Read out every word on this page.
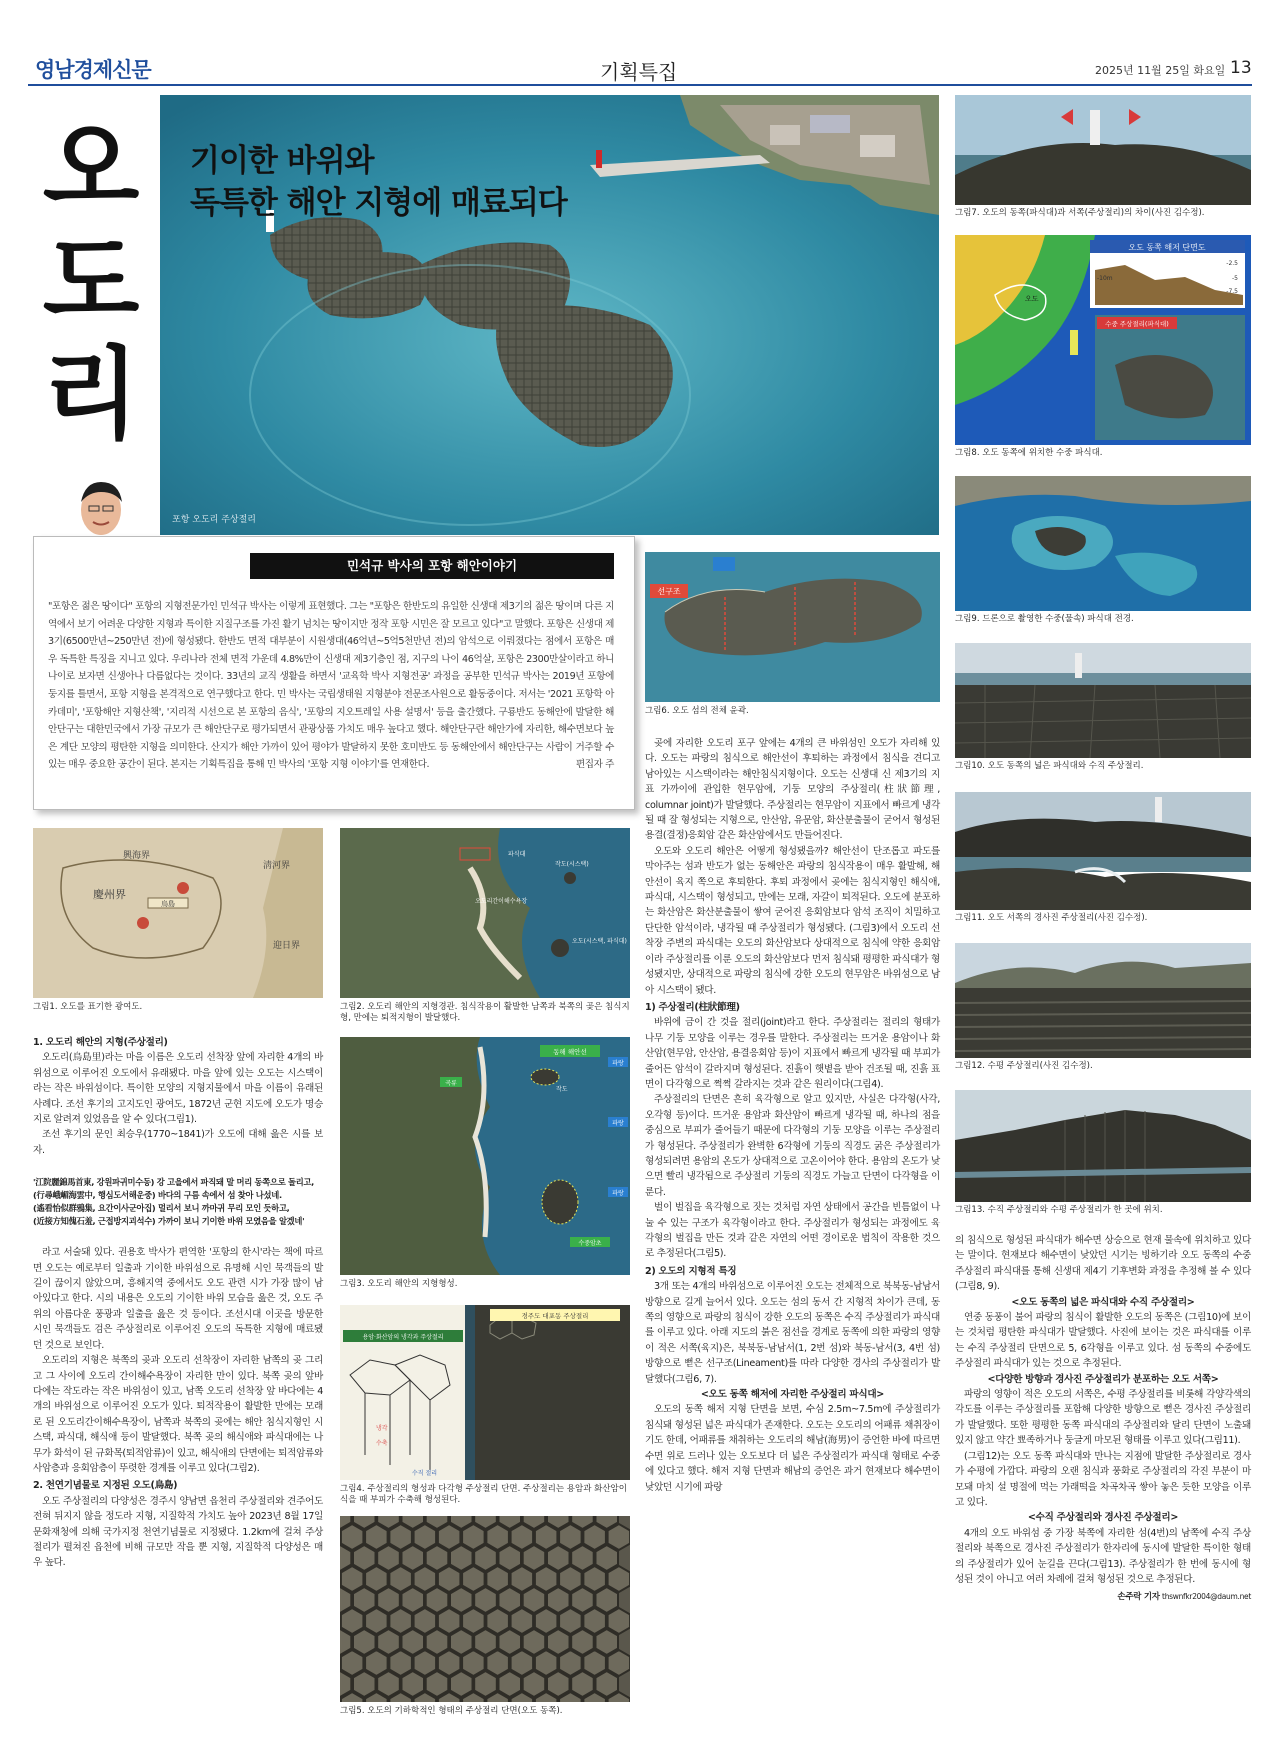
영남경제신문	기획특집	2025년 11월 25일 화요일 13
오도리
기이한 바위와
독특한 해안 지형에 매료되다
포항 오도리 주상절리
민석규 박사의 포항 해안이야기
"포항은 젊은 땅이다" 포항의 지형전문가인 민석규 박사는 이렇게 표현했다. 그는 "포항은 한반도의 유일한 신생대 제3기의 젊은 땅이며 다른 지역에서 보기 어려운 다양한 지형과 특이한 지질구조를 가진 활기 넘치는 땅이지만 정작 포항 시민은 잘 모르고 있다"고 말했다. 포항은 신생대 제3기(6500만년~250만년 전)에 형성됐다. 한반도 면적 대부분이 시원생대(46억년~5억5천만년 전)의 암석으로 이뤄졌다는 점에서 포항은 매우 독특한 특징을 지니고 있다. 우리나라 전체 면적 가운데 4.8%만이 신생대 제3기층인 점, 지구의 나이 46억살, 포항은 2300만살이라고 하니 나이로 보자면 신생아나 다름없다는 것이다. 33년의 교직 생활을 하면서 '교육학 박사 지형전공' 과정을 공부한 민석규 박사는 2019년 포항에 둥지를 틀면서, 포항 지형을 본격적으로 연구했다고 한다. 민 박사는 국립생태원 지형분야 전문조사원으로 활동중이다. 저서는 '2021 포항학 아카데미', '포항해안 지형산책', '지리적 시선으로 본 포항의 음식', '포항의 지오트레일 사용 설명서' 등을 출간했다. 구룡반도 동해안에 발달한 해안단구는 대한민국에서 가장 규모가 큰 해안단구로 평가되면서 관광상품 가치도 매우 높다고 했다. 해안단구란 해안가에 자리한, 해수면보다 높은 계단 모양의 평탄한 지형을 의미한다. 산지가 해안 가까이 있어 평야가 발달하지 못한 호미반도 등 동해안에서 해안단구는 사람이 거주할 수 있는 매우 중요한 공간이 된다. 본지는 기획특집을 통해 민 박사의 '포항 지형 이야기'를 연재한다.	편집자 주
선구조
그림6. 오도 섬의 전체 윤곽.
그림7. 오도의 동쪽(파식대)과 서쪽(주상절리)의 차이(사진 김수정).
오도 동쪽 해저 단면도
-2.5
-5
-7.5
-10m
오도
수중 주상절리(파식대)
그림8. 오도 동쪽에 위치한 수중 파식대.
그림9. 드론으로 촬영한 수중(물속) 파식대 전경.
그림10. 오도 동쪽의 넓은 파식대와 수직 주상절리.
그림11. 오도 서쪽의 경사진 주상절리(사진 김수정).
그림12. 수평 주상절리(사진 김수정).
그림13. 수직 주상절리와 수평 주상절리가 한 곳에 위치.
烏島
慶州界
淸河界
興海界
迎日界
그림1. 오도를 표기한 광여도.
파식대
작도(시스택)
오도리간이해수욕장
오도(시스택, 파식대)
그림2. 오도리 해안의 지형경관. 침식작용이 활발한 남쪽과 북쪽의 곶은 침식지형, 만에는 퇴적지형이 발달했다.
동해 해안선
파랑
파랑
파랑
곡류
작도
수중암초
그림3. 오도리 해안의 지형형성.
경주도 대포동 주상절리
용암·화산암의 냉각과 주상절리
냉각
수축
수직 절리
그림4. 주상절리의 형성과 다각형 주상절리 단면. 주상절리는 용암과 화산암이 식을 때 부피가 수축해 형성된다.
그림5. 오도의 기하학적인 형태의 주상절리 단면(오도 동쪽).

1. 오도리 해안의 지형(주상절리)

오도리(烏島里)라는 마을 이름은 오도리 선착장 앞에 자리한 4개의 바위섬으로 이루어진 오도에서 유래됐다. 마을 앞에 있는 오도는 시스택이라는 작은 바위섬이다. 특이한 모양의 지형지물에서 마을 이름이 유래된 사례다. 조선 후기의 고지도인 광여도, 1872년 군현 지도에 오도가 명승지로 알려져 있었음을 알 수 있다(그림1).

조선 후기의 문인 최승우(1770~1841)가 오도에 대해 읊은 시를 보자.

'江院麗錦馬首東, 강원파귀미수동) 강 고을에서 파직돼 말 머리 동쪽으로 돌리고,
(行尋峨嵋海雲中, 행심도서해운중) 바다의 구름 속에서 섬 찾아 나섰네.
(遙看怡似群鴉集, 요간이사군아집) 멀리서 보니 까마귀 무리 모인 듯하고,
(近接方知傀石羞, 근접방지괴석수) 가까이 보니 기이한 바위 모였음을 알겠네'

라고 서술돼 있다. 권용호 박사가 편역한 '포항의 한시'라는 책에 따르면 오도는 예로부터 일출과 기이한 바위섬으로 유명해 시인 묵객들의 발길이 끊이지 않았으며, 흥해지역 중에서도 오도 관련 시가 가장 많이 남아있다고 한다. 시의 내용은 오도의 기이한 바위 모습을 읊은 것, 오도 주위의 아름다운 풍광과 일출을 읊은 것 등이다. 조선시대 이곳을 방문한 시인 묵객들도 검은 주상절리로 이루어진 오도의 독특한 지형에 매료됐던 것으로 보인다.

오도리의 지형은 북쪽의 곶과 오도리 선착장이 자리한 남쪽의 곶 그리고 그 사이에 오도리 간이해수욕장이 자리한 만이 있다. 북쪽 곶의 앞바다에는 작도라는 작은 바위섬이 있고, 남쪽 오도리 선착장 앞 바다에는 4개의 바위섬으로 이루어진 오도가 있다. 퇴적작용이 활발한 만에는 모래로 된 오도리간이해수욕장이, 남쪽과 북쪽의 곶에는 해안 침식지형인 시스택, 파식대, 해식애 등이 발달했다. 북쪽 곶의 해식애와 파식대에는 나무가 화석이 된 규화목(퇴적암류)이 있고, 해식애의 단면에는 퇴적암류와 사암층과 응회암층이 뚜렷한 경계를 이루고 있다(그림2).

2. 천연기념물로 지정된 오도(烏島)

오도 주상절리의 다양성은 경주시 양남면 읍천리 주상절리와 견주어도 전혀 뒤지지 않을 정도라 지형, 지질학적 가치도 높아 2023년 8월 17일 문화재청에 의해 국가지정 천연기념물로 지정됐다. 1.2km에 걸쳐 주상절리가 펼쳐진 읍천에 비해 규모만 작을 뿐 지형, 지질학적 다양성은 매우 높다.

곶에 자리한 오도리 포구 앞에는 4개의 큰 바위섬인 오도가 자리해 있다. 오도는 파랑의 침식으로 해안선이 후퇴하는 과정에서 침식을 견디고 남아있는 시스택이라는 해안침식지형이다. 오도는 신생대 신 제3기의 지표 가까이에 관입한 현무암에, 기둥 모양의 주상절리(柱狀節理, columnar joint)가 발달했다. 주상절리는 현무암이 지표에서 빠르게 냉각될 때 잘 형성되는 지형으로, 안산암, 유문암, 화산분출물이 굳어서 형성된 용결(결정)응회암 같은 화산암에서도 만들어진다.

오도와 오도리 해안은 어떻게 형성됐을까? 해안선이 단조롭고 파도를 막아주는 섬과 반도가 없는 동해안은 파랑의 침식작용이 매우 활발해, 해안선이 육지 쪽으로 후퇴한다. 후퇴 과정에서 곶에는 침식지형인 해식애, 파식대, 시스택이 형성되고, 만에는 모래, 자갈이 퇴적된다. 오도에 분포하는 화산암은 화산분출물이 쌓여 굳어진 응회암보다 암석 조직이 치밀하고 단단한 암석이라, 냉각될 때 주상절리가 형성됐다. (그림3)에서 오도리 선착장 주변의 파식대는 오도의 화산암보다 상대적으로 침식에 약한 응회암이라 주상절리를 이룬 오도의 화산암보다 먼저 침식돼 평평한 파식대가 형성됐지만, 상대적으로 파랑의 침식에 강한 오도의 현무암은 바위섬으로 남아 시스택이 됐다.

1) 주상절리(柱狀節理)

바위에 금이 간 것을 절리(joint)라고 한다. 주상절리는 절리의 형태가 나무 기둥 모양을 이루는 경우를 말한다. 주상절리는 뜨거운 용암이나 화산암(현무암, 안산암, 용결응회암 등)이 지표에서 빠르게 냉각될 때 부피가 줄어든 암석이 갈라지며 형성된다. 진흙이 햇볕을 받아 건조될 때, 진흙 표면이 다각형으로 쩍쩍 갈라지는 것과 같은 원리이다(그림4).

주상절리의 단면은 흔히 육각형으로 알고 있지만, 사실은 다각형(사각, 오각형 등)이다. 뜨거운 용암과 화산암이 빠르게 냉각될 때, 하나의 점을 중심으로 부피가 줄어들기 때문에 다각형의 기둥 모양을 이루는 주상절리가 형성된다. 주상절리가 완벽한 6각형에 기둥의 직경도 굵은 주상절리가 형성되려면 용암의 온도가 상대적으로 고온이어야 한다. 용암의 온도가 낮으면 빨리 냉각됨으로 주상절리 기둥의 직경도 가늘고 단면이 다각형을 이룬다.

벌이 벌집을 육각형으로 짓는 것처럼 자연 상태에서 공간을 빈틈없이 나눌 수 있는 구조가 육각형이라고 한다. 주상절리가 형성되는 과정에도 육각형의 벌집을 만든 것과 같은 자연의 어떤 경이로운 법칙이 작용한 것으로 추정된다(그림5).

2) 오도의 지형적 특징

3개 또는 4개의 바위섬으로 이루어진 오도는 전체적으로 북북동-남남서 방향으로 길게 늘어서 있다. 오도는 섬의 동서 간 지형적 차이가 큰데, 동쪽의 영향으로 파랑의 침식이 강한 오도의 동쪽은 수직 주상절리가 파식대를 이루고 있다. 아래 지도의 붉은 점선을 경계로 동쪽에 의한 파랑의 영향이 적은 서쪽(육지)은, 북북동-남남서(1, 2번 섬)와 북동-남서(3, 4번 섬) 방향으로 뻗은 선구조(Lineament)를 따라 다양한 경사의 주상절리가 발달했다(그림6, 7).

<오도 동쪽 해저에 자리한 주상절리 파식대>

오도의 동쪽 해저 지형 단면을 보면, 수심 2.5m~7.5m에 주상절리가 침식돼 형성된 넓은 파식대가 존재한다. 오도는 오도리의 어패류 채취장이기도 한데, 어패류를 채취하는 오도리의 해남(海男)이 증언한 바에 따르면 수면 위로 드러나 있는 오도보다 더 넓은 주상절리가 파식대 형태로 수중에 있다고 했다. 해저 지형 단면과 해남의 증언은 과거 현재보다 해수면이 낮았던 시기에 파랑

의 침식으로 형성된 파식대가 해수면 상승으로 현재 물속에 위치하고 있다는 말이다. 현재보다 해수면이 낮았던 시기는 빙하기라 오도 동쪽의 수중 주상절리 파식대를 통해 신생대 제4기 기후변화 과정을 추정해 볼 수 있다(그림8, 9).

<오도 동쪽의 넓은 파식대와 수직 주상절리>

연중 동풍이 불어 파랑의 침식이 활발한 오도의 동쪽은 (그림10)에 보이는 것처럼 평탄한 파식대가 발달했다. 사진에 보이는 것은 파식대를 이루는 수직 주상절리 단면으로 5, 6각형을 이루고 있다. 섬 동쪽의 수중에도 주상절리 파식대가 있는 것으로 추정된다.

<다양한 방향과 경사진 주상절리가 분포하는 오도 서쪽>

파랑의 영향이 적은 오도의 서쪽은, 수평 주상절리를 비롯해 각양각색의 각도를 이루는 주상절리를 포함해 다양한 방향으로 뻗은 경사진 주상절리가 발달했다. 또한 평평한 동쪽 파식대의 주상절리와 달리 단면이 노출돼 있지 않고 약간 뾰족하거나 둥글게 마모된 형태를 이루고 있다(그림11).

(그림12)는 오도 동쪽 파식대와 만나는 지점에 발달한 주상절리로 경사가 수평에 가깝다. 파랑의 오랜 침식과 풍화로 주상절리의 각진 부분이 마모돼 마치 설 명절에 먹는 가래떡을 차곡차곡 쌓아 놓은 듯한 모양을 이루고 있다.

<수직 주상절리와 경사진 주상절리>

4개의 오도 바위섬 중 가장 북쪽에 자리한 섬(4번)의 남쪽에 수직 주상절리와 북쪽으로 경사진 주상절리가 한자리에 동시에 발달한 특이한 형태의 주상절리가 있어 눈길을 끈다(그림13). 주상절리가 한 번에 동시에 형성된 것이 아니고 여러 차례에 걸쳐 형성된 것으로 추정된다.

손주락 기자 thswnfkr2004@daum.net
